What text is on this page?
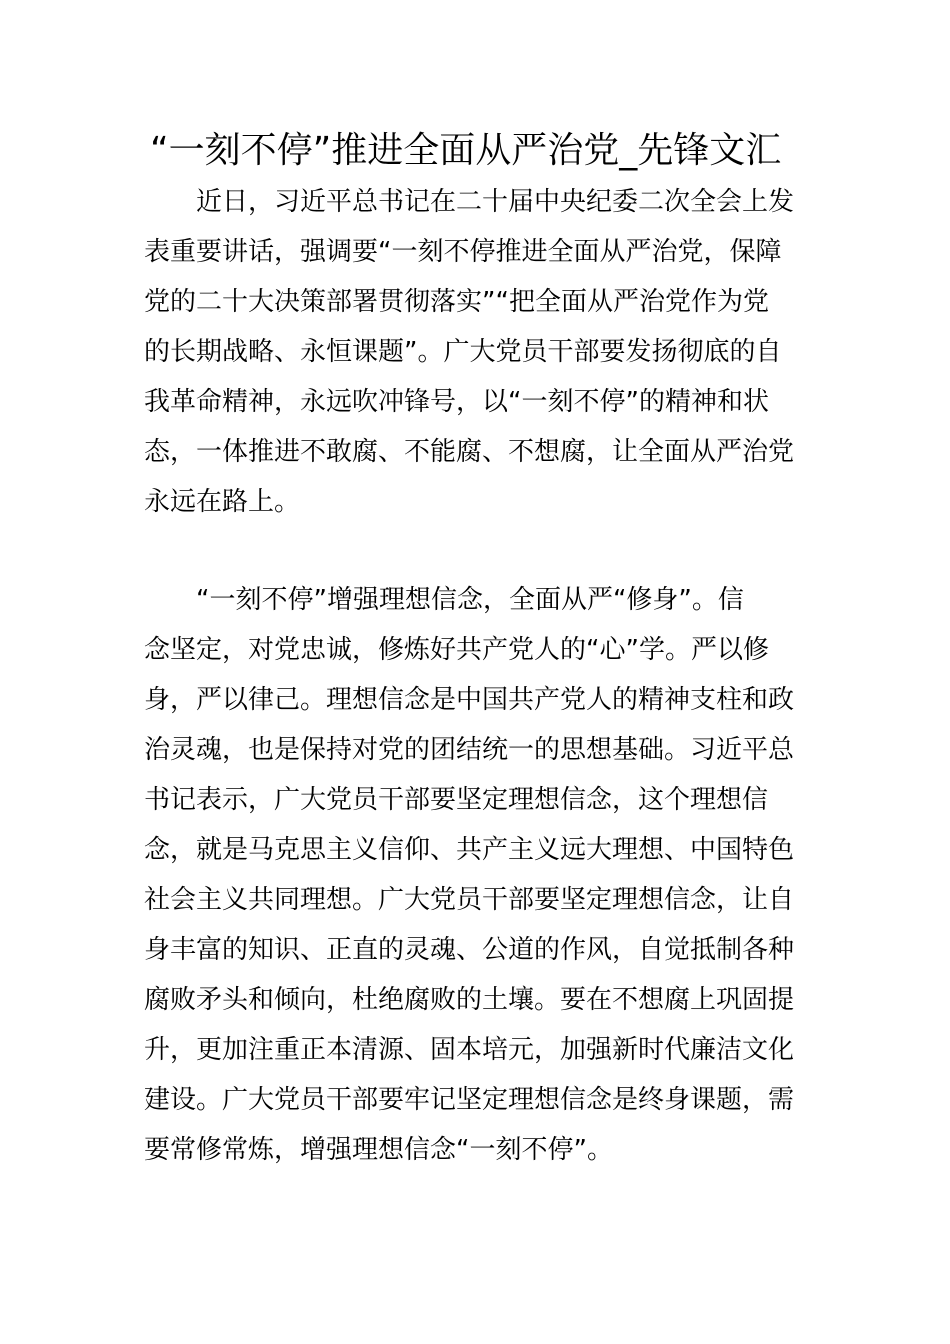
“一刻不停”推进全面从严治党_先锋文汇
　　近日，习近平总书记在二十届中央纪委二次全会上发
表重要讲话，强调要“一刻不停推进全面从严治党，保障
党的二十大决策部署贯彻落实”“把全面从严治党作为党
的长期战略、永恒课题”。广大党员干部要发扬彻底的自
我革命精神，永远吹冲锋号，以“一刻不停”的精神和状
态，一体推进不敢腐、不能腐、不想腐，让全面从严治党
永远在路上。
　　“一刻不停”增强理想信念，全面从严“修身”。信
念坚定，对党忠诚，修炼好共产党人的“心”学。严以修
身，严以律己。理想信念是中国共产党人的精神支柱和政
治灵魂，也是保持对党的团结统一的思想基础。习近平总
书记表示，广大党员干部要坚定理想信念，这个理想信
念，就是马克思主义信仰、共产主义远大理想、中国特色
社会主义共同理想。广大党员干部要坚定理想信念，让自
身丰富的知识、正直的灵魂、公道的作风，自觉抵制各种
腐败矛头和倾向，杜绝腐败的土壤。要在不想腐上巩固提
升，更加注重正本清源、固本培元，加强新时代廉洁文化
建设。广大党员干部要牢记坚定理想信念是终身课题，需
要常修常炼，增强理想信念“一刻不停”。
